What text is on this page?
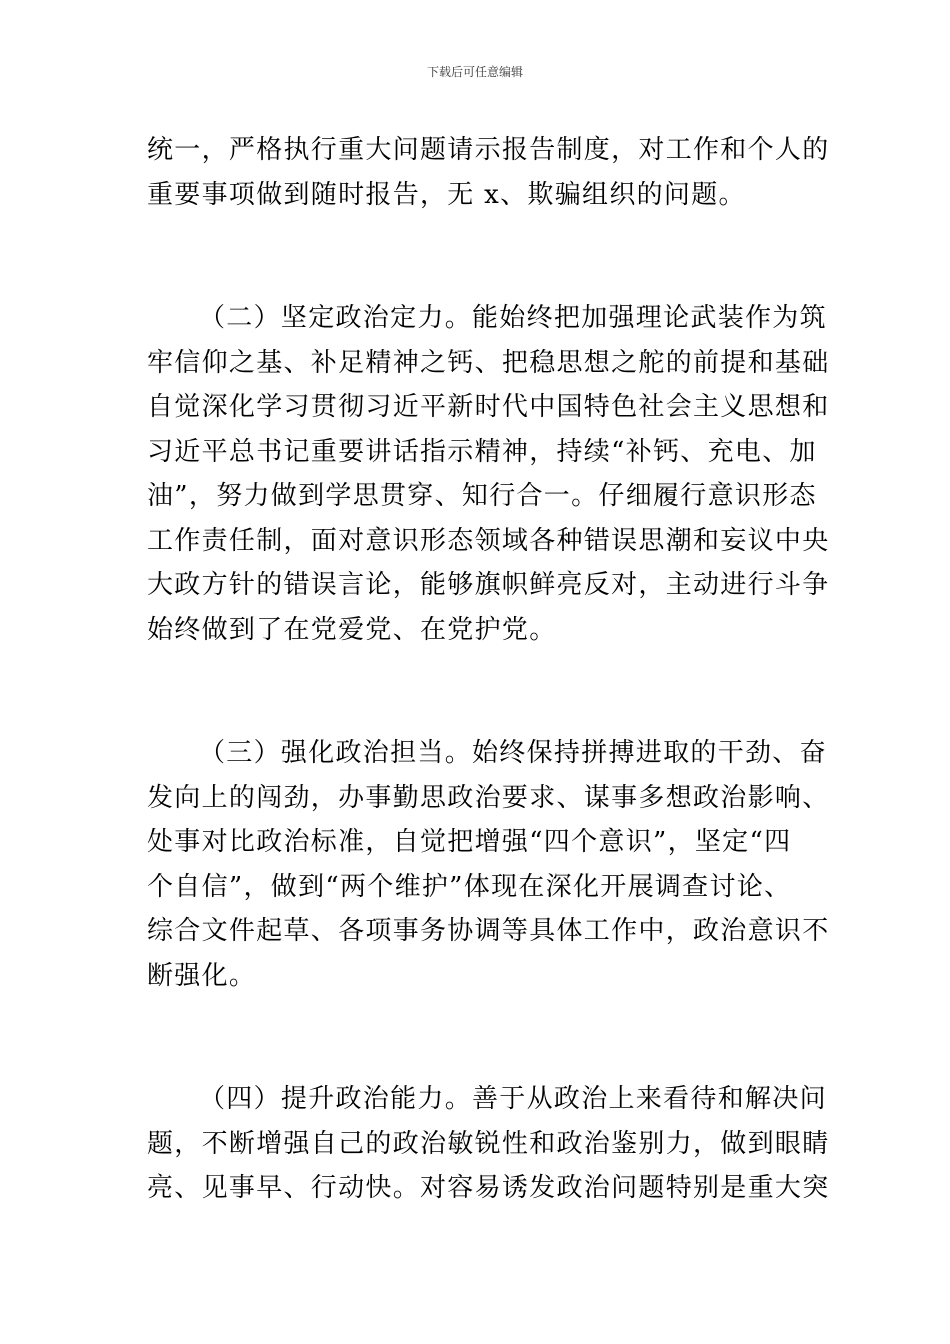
下载后可任意编辑
统一，严格执行重大问题请示报告制度，对工作和个人的
重要事项做到随时报告，无 x、欺骗组织的问题。
（二）坚定政治定力。能始终把加强理论武装作为筑
牢信仰之基、补足精神之钙、把稳思想之舵的前提和基础
自觉深化学习贯彻习近平新时代中国特色社会主义思想和
习近平总书记重要讲话指示精神，持续“补钙、充电、加
油”，努力做到学思贯穿、知行合一。仔细履行意识形态
工作责任制，面对意识形态领域各种错误思潮和妄议中央
大政方针的错误言论，能够旗帜鲜亮反对，主动进行斗争
始终做到了在党爱党、在党护党。
（三）强化政治担当。始终保持拼搏进取的干劲、奋
发向上的闯劲，办事勤思政治要求、谋事多想政治影响、
处事对比政治标准，自觉把增强“四个意识”，坚定“四
个自信”，做到“两个维护”体现在深化开展调查讨论、
综合文件起草、各项事务协调等具体工作中，政治意识不
断强化。
（四）提升政治能力。善于从政治上来看待和解决问
题，不断增强自己的政治敏锐性和政治鉴别力，做到眼睛
亮、见事早、行动快。对容易诱发政治问题特别是重大突
